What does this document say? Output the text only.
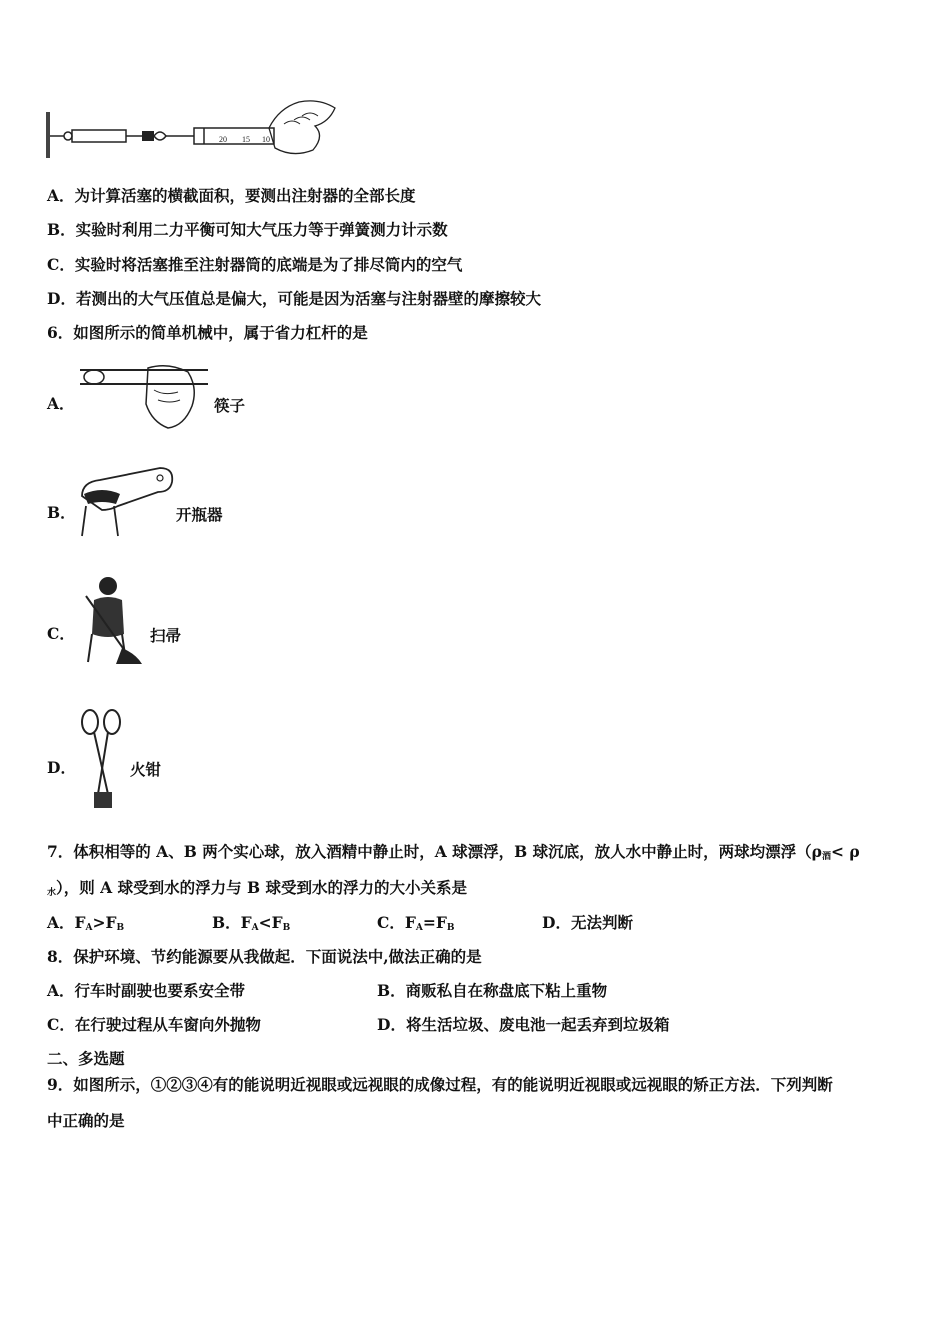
20 15 10
A．为计算活塞的横截面积，要测出注射器的全部长度
B．实验时利用二力平衡可知大气压力等于弹簧测力计示数
C．实验时将活塞推至注射器筒的底端是为了排尽筒内的空气
D．若测出的大气压值总是偏大，可能是因为活塞与注射器壁的摩擦较大
6．如图所示的简单机械中，属于省力杠杆的是
A．	筷子
B．	开瓶器
C．	扫帚
D．	火钳
7．体积相等的 A、B 两个实心球，放入酒精中静止时，A 球漂浮，B 球沉底，放人水中静止时，两球均漂浮（$\rho_酒< \rho$
$_水$），则 A 球受到水的浮力与 B 球受到水的浮力的大小关系是
A．$F_A>F_B$	B．$F_A<F_B$	C．$F_A=F_B$	D．无法判断
8．保护环境、节约能源要从我做起．下面说法中,做法正确的是
A．行车时副驶也要系安全带	B．商贩私自在称盘底下粘上重物
C．在行驶过程从车窗向外抛物	D．将生活垃圾、废电池一起丢弃到垃圾箱
二、多选题
9．如图所示，①②③④有的能说明近视眼或远视眼的成像过程，有的能说明近视眼或远视眼的矫正方法．下列判断
中正确的是
